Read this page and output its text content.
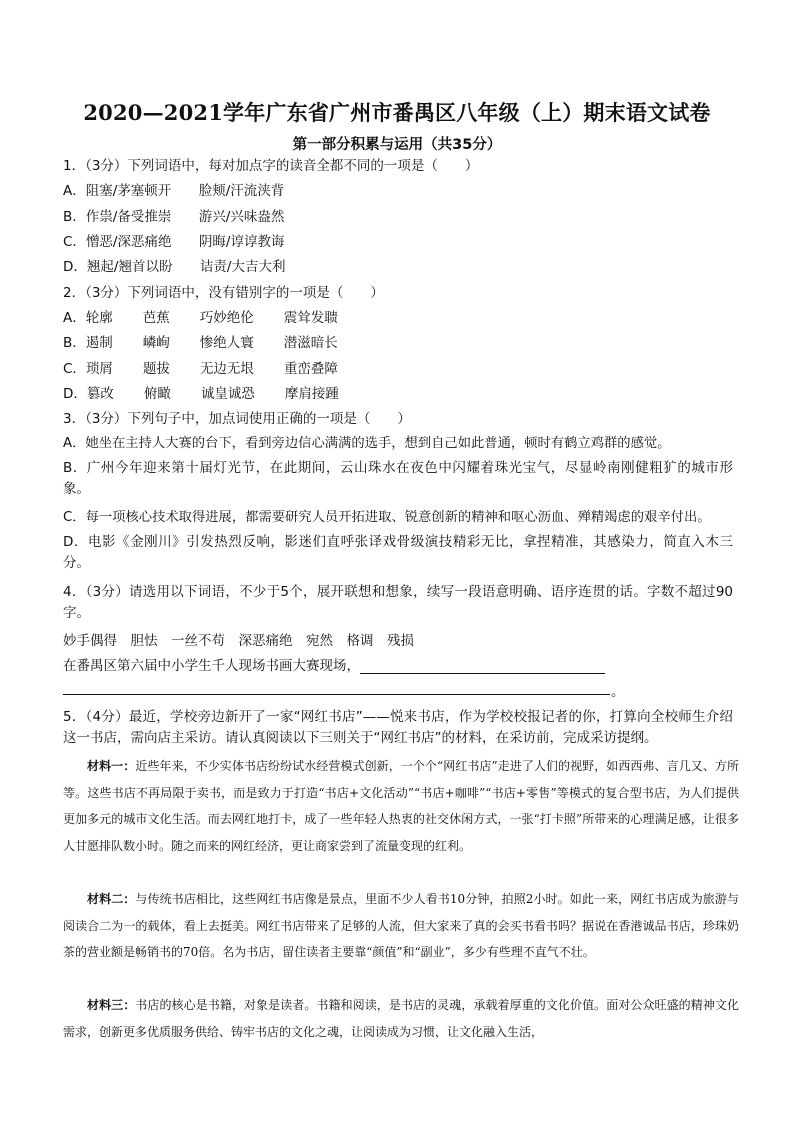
2020—2021学年广东省广州市番禺区八年级（上）期末语文试卷
第一部分积累与运用（共35分）
1．（3分）下列词语中，每对加点字的读音全都不同的一项是（　　）
A．阻塞/茅塞顿开 脸颊/汗流浃背
B．作祟/备受推崇 游兴/兴味盎然
C．憎恶/深恶痛绝 阴晦/谆谆教诲
D．翘起/翘首以盼 诘责/大吉大利
2．（3分）下列词语中，没有错别字的一项是（　　）
A．轮廓 芭蕉 巧妙绝伦 震耸发聩
B．遏制 嶙峋 惨绝人寰 潜滋暗长
C．琐屑 题拔 无边无垠 重峦叠障
D．篡改 俯瞰 诚皇诚恐 摩肩接踵
3．（3分）下列句子中，加点词使用正确的一项是（　　）
A．她坐在主持人大赛的台下，看到旁边信心满满的选手，想到自己如此普通，顿时有鹤立鸡群的感觉。
B．广州今年迎来第十届灯光节，在此期间，云山珠水在夜色中闪耀着珠光宝气，尽显岭南刚健粗犷的城市形象。
C．每一项核心技术取得进展，都需要研究人员开拓进取、锐意创新的精神和呕心沥血、殚精竭虑的艰辛付出。
D．电影《金刚川》引发热烈反响，影迷们直呼张译戏骨级演技精彩无比，拿捏精准，其感染力，简直入木三分。
4．（3分）请选用以下词语，不少于5个，展开联想和想象，续写一段语意明确、语序连贯的话。字数不超过90字。
妙手偶得　胆怯　一丝不苟　深恶痛绝　宛然　格调　残损
在番禺区第六届中小学生千人现场书画大赛现场，
。
5．（4分）最近，学校旁边新开了一家“网红书店”——悦来书店，作为学校校报记者的你，打算向全校师生介绍这一书店，需向店主采访。请认真阅读以下三则关于“网红书店”的材料，在采访前，完成采访提纲。
材料一：近些年来，不少实体书店纷纷试水经营模式创新，一个个“网红书店”走进了人们的视野，如西西弗、言几又、方所等。这些书店不再局限于卖书，而是致力于打造“书店+文化活动”“书店+咖啡”“书店+零售”等模式的复合型书店，为人们提供更加多元的城市文化生活。而去网红地打卡，成了一些年轻人热衷的社交休闲方式，一张“打卡照”所带来的心理满足感，让很多人甘愿排队数小时。随之而来的网红经济，更让商家尝到了流量变现的红利。
材料二：与传统书店相比，这些网红书店像是景点，里面不少人看书10分钟，拍照2小时。如此一来，网红书店成为旅游与阅读合二为一的载体，看上去挺美。网红书店带来了足够的人流，但大家来了真的会买书看书吗？据说在香港诚品书店，珍珠奶茶的营业额是畅销书的70倍。名为书店，留住读者主要靠“颜值”和“副业”，多少有些理不直气不壮。
材料三：书店的核心是书籍，对象是读者。书籍和阅读，是书店的灵魂，承载着厚重的文化价值。面对公众旺盛的精神文化需求，创新更多优质服务供给、铸牢书店的文化之魂，让阅读成为习惯，让文化融入生活，
